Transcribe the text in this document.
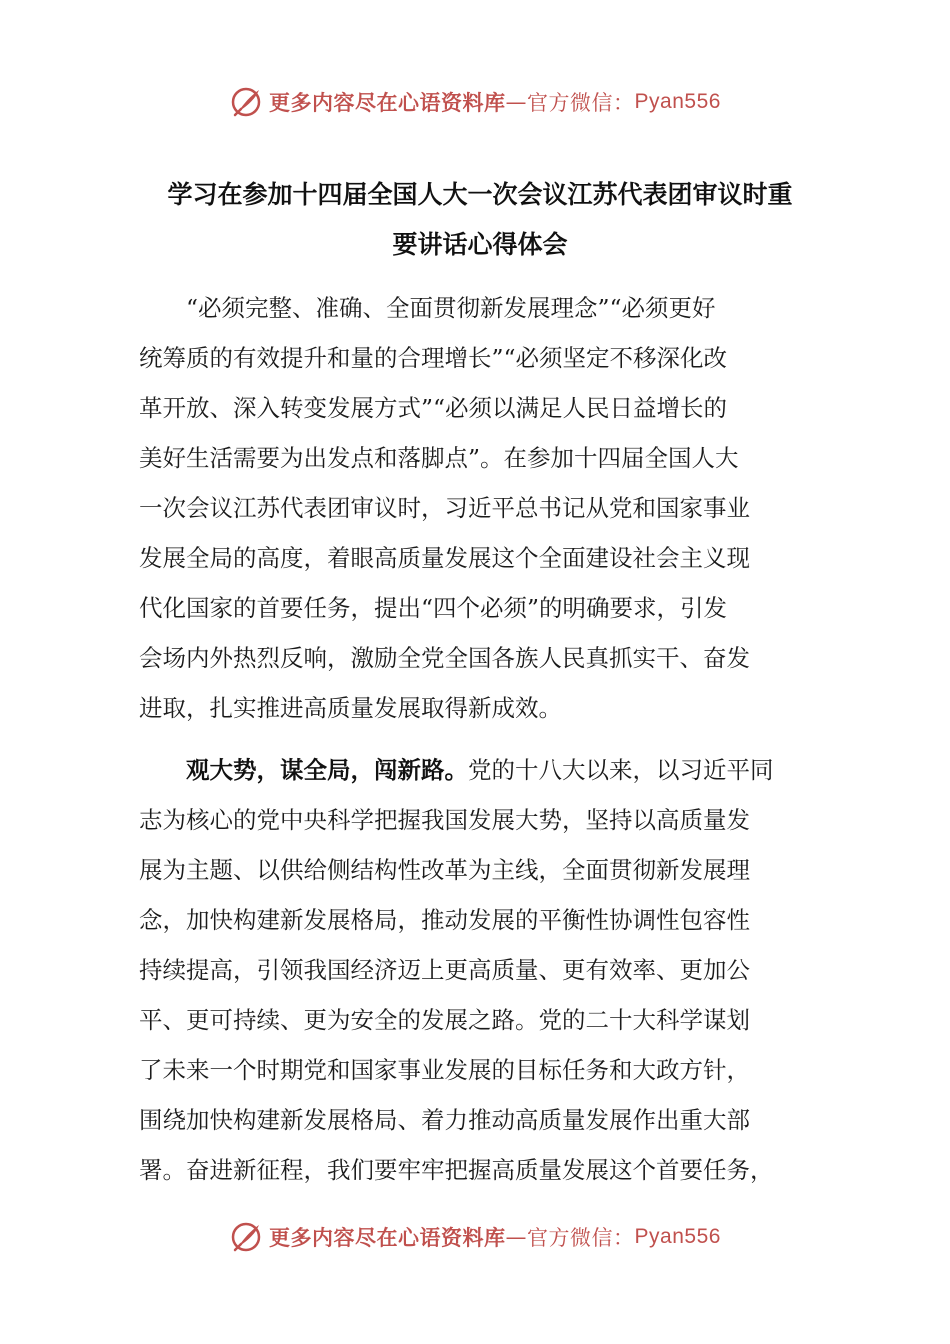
更多内容尽在心语资料库 — 官方微信： Pyan556
学习在参加十四届全国人大一次会议江苏代表团审议时重
要讲话心得体会
“必须完整、准确、全面贯彻新发展理念”“必须更好
统筹质的有效提升和量的合理增长”“必须坚定不移深化改
革开放、深入转变发展方式”“必须以满足人民日益增长的
美好生活需要为出发点和落脚点”。在参加十四届全国人大
一次会议江苏代表团审议时，习近平总书记从党和国家事业
发展全局的高度，着眼高质量发展这个全面建设社会主义现
代化国家的首要任务，提出“四个必须”的明确要求，引发
会场内外热烈反响，激励全党全国各族人民真抓实干、奋发
进取，扎实推进高质量发展取得新成效。
观大势，谋全局，闯新路。党的十八大以来，以习近平同
志为核心的党中央科学把握我国发展大势，坚持以高质量发
展为主题、以供给侧结构性改革为主线，全面贯彻新发展理
念，加快构建新发展格局，推动发展的平衡性协调性包容性
持续提高，引领我国经济迈上更高质量、更有效率、更加公
平、更可持续、更为安全的发展之路。党的二十大科学谋划
了未来一个时期党和国家事业发展的目标任务和大政方针，
围绕加快构建新发展格局、着力推动高质量发展作出重大部
署。奋进新征程，我们要牢牢把握高质量发展这个首要任务，
更多内容尽在心语资料库 — 官方微信： Pyan556
